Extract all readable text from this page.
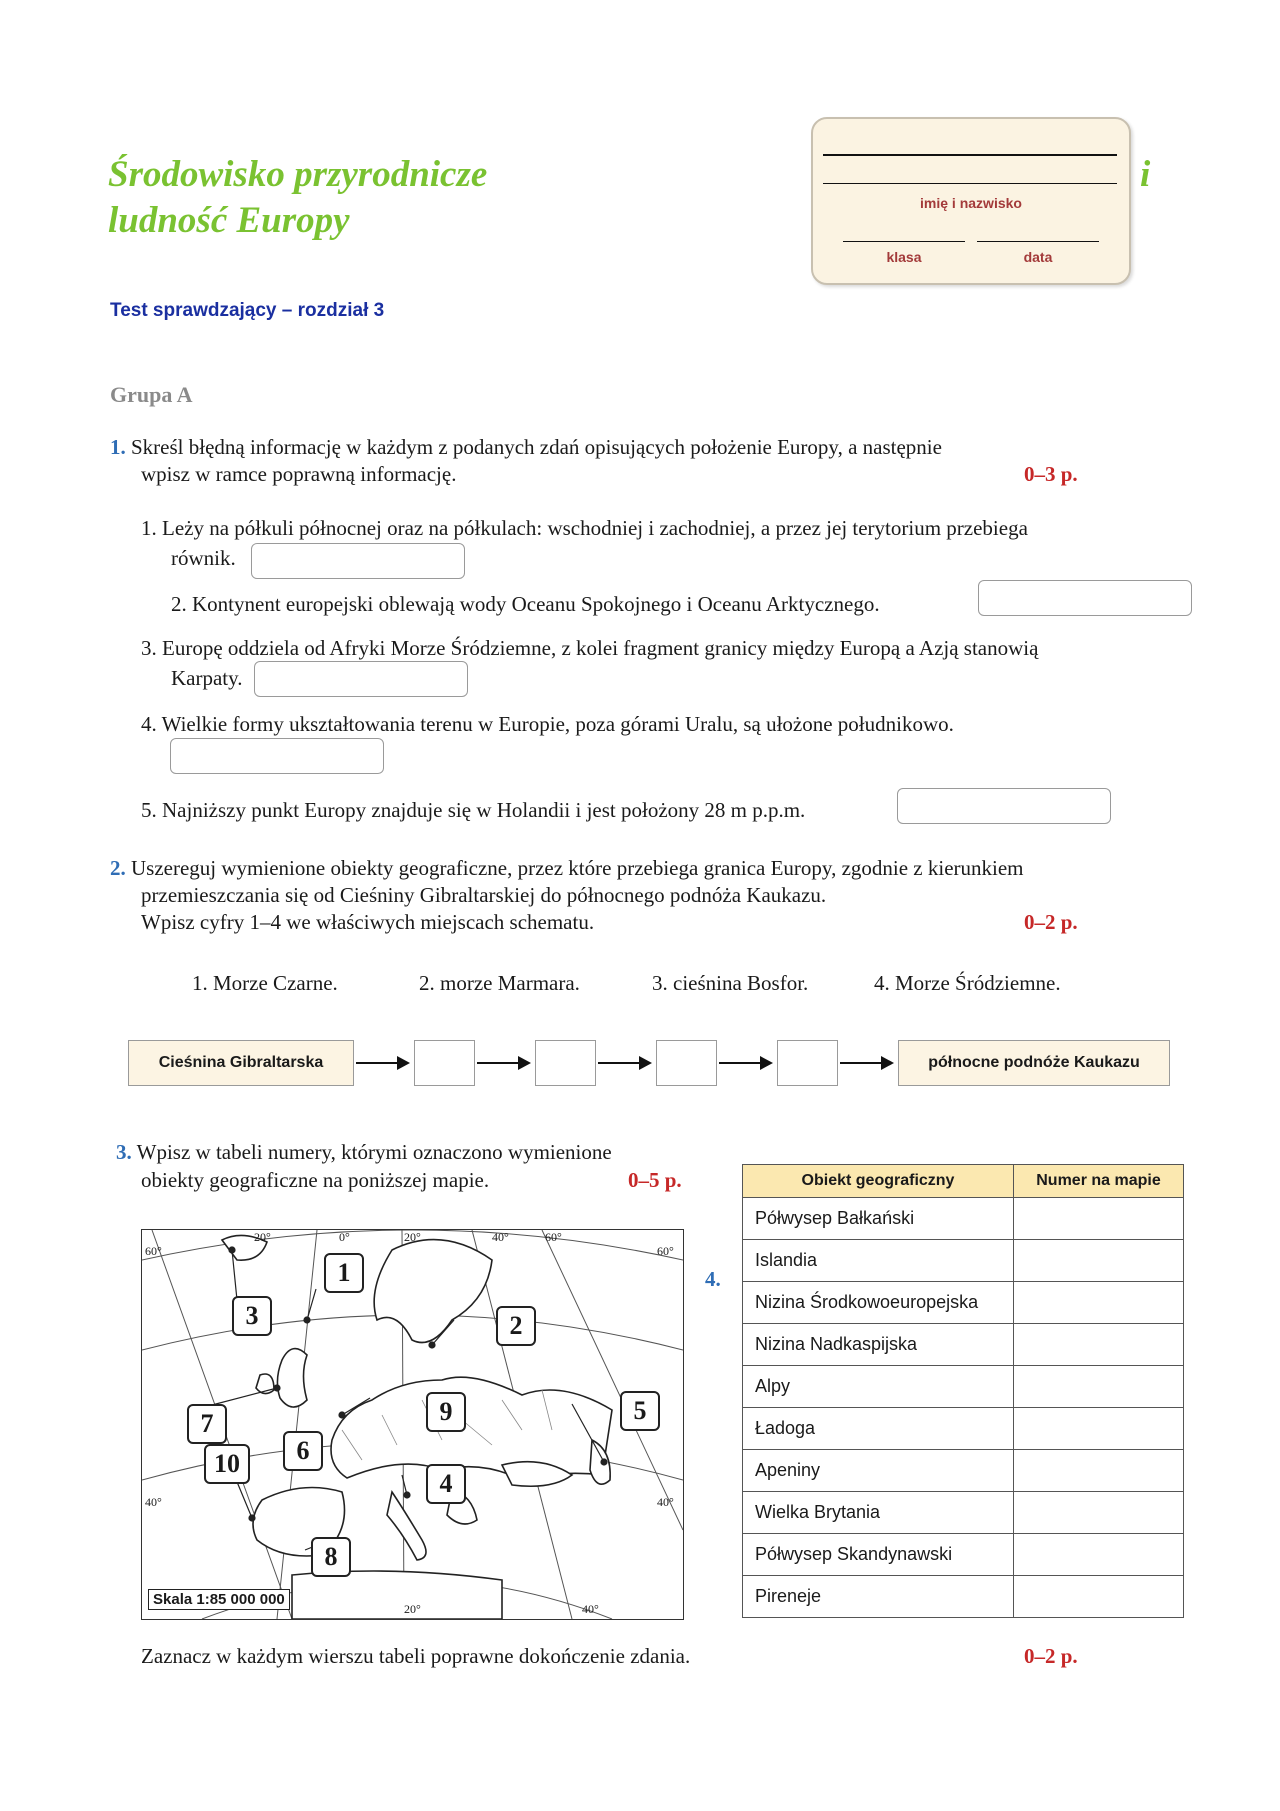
Środowisko przyrodnicze
ludność Europy
i
imię i nazwisko
klasa	data
Test sprawdzający – rozdział 3
Grupa A
1. Skreśl błędną informację w każdym z podanych zdań opisujących położenie Europy, a następnie
wpisz w ramce poprawną informację.	0–3 p.
1. Leży na półkuli północnej oraz na półkulach: wschodniej i zachodniej, a przez jej terytorium przebiega
równik.
2. Kontynent europejski oblewają wody Oceanu Spokojnego i Oceanu Arktycznego.
3. Europę oddziela od Afryki Morze Śródziemne, z kolei fragment granicy między Europą a Azją stanowią
Karpaty.
4. Wielkie formy ukształtowania terenu w Europie, poza górami Uralu, są ułożone południkowo.
5. Najniższy punkt Europy znajduje się w Holandii i jest położony 28 m p.p.m.
2. Uszereguj wymienione obiekty geograficzne, przez które przebiega granica Europy, zgodnie z kierunkiem
przemieszczania się od Cieśniny Gibraltarskiej do północnego podnóża Kaukazu.
Wpisz cyfry 1–4 we właściwych miejscach schematu.	0–2 p.
1. Morze Czarne.	2. morze Marmara.	3. cieśnina Bosfor.	4. Morze Śródziemne.
Cieśnina Gibraltarska	północne podnóże Kaukazu
3. Wpisz w tabeli numery, którymi oznaczono wymienione
obiekty geograficzne na poniższej mapie.	0–5 p.
60°	60°
40°	40°
20°	0°	20°	40°	60°
20°	40°
1
2
3
4
5
6
7
8
9
10
Skala 1:85 000 000
Obiekt geograficzny	Numer na mapie
Półwysep Bałkański	
Islandia	
Nizina Środkowoeuropejska	
Nizina Nadkaspijska	
Alpy	
Ładoga	
Apeniny	
Wielka Brytania	
Półwysep Skandynawski	
Pireneje	
4.
Zaznacz w każdym wierszu tabeli poprawne dokończenie zdania.	0–2 p.
